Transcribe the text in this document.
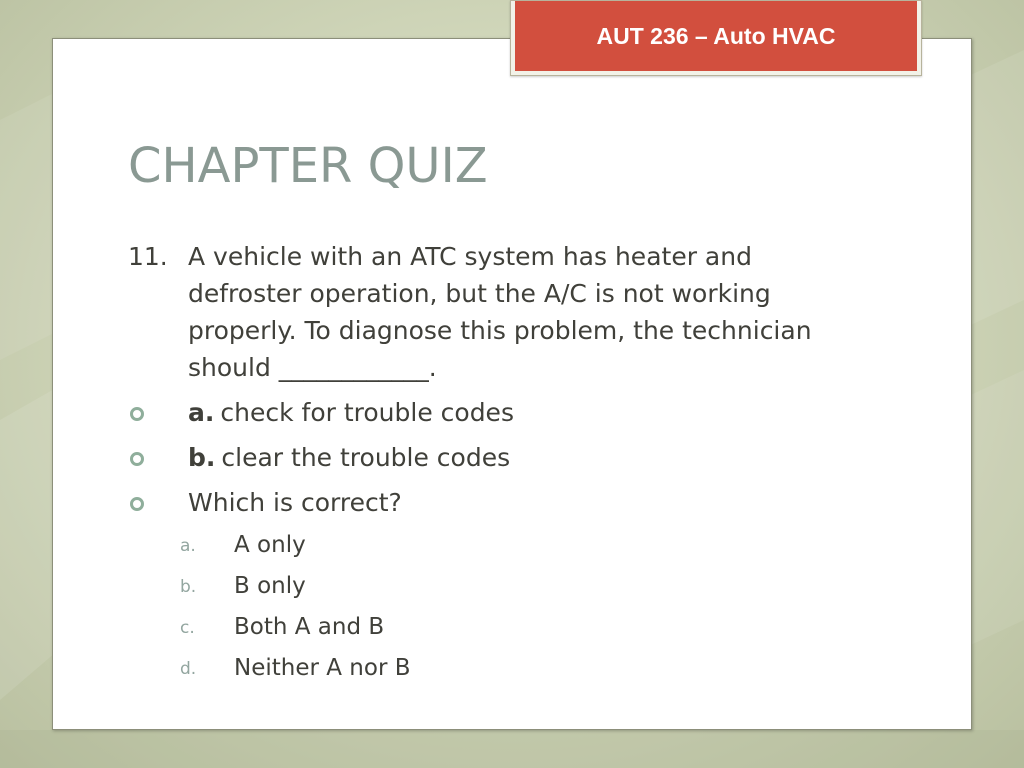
AUT 236 – Auto HVAC
CHAPTER QUIZ
11. A vehicle with an ATC system has heater and defroster operation, but the A/C is not working properly. To diagnose this problem, the technician should ____________.
a. check for trouble codes
b. clear the trouble codes
Which is correct?
a. A only
b. B only
c. Both A and B
d. Neither A nor B
